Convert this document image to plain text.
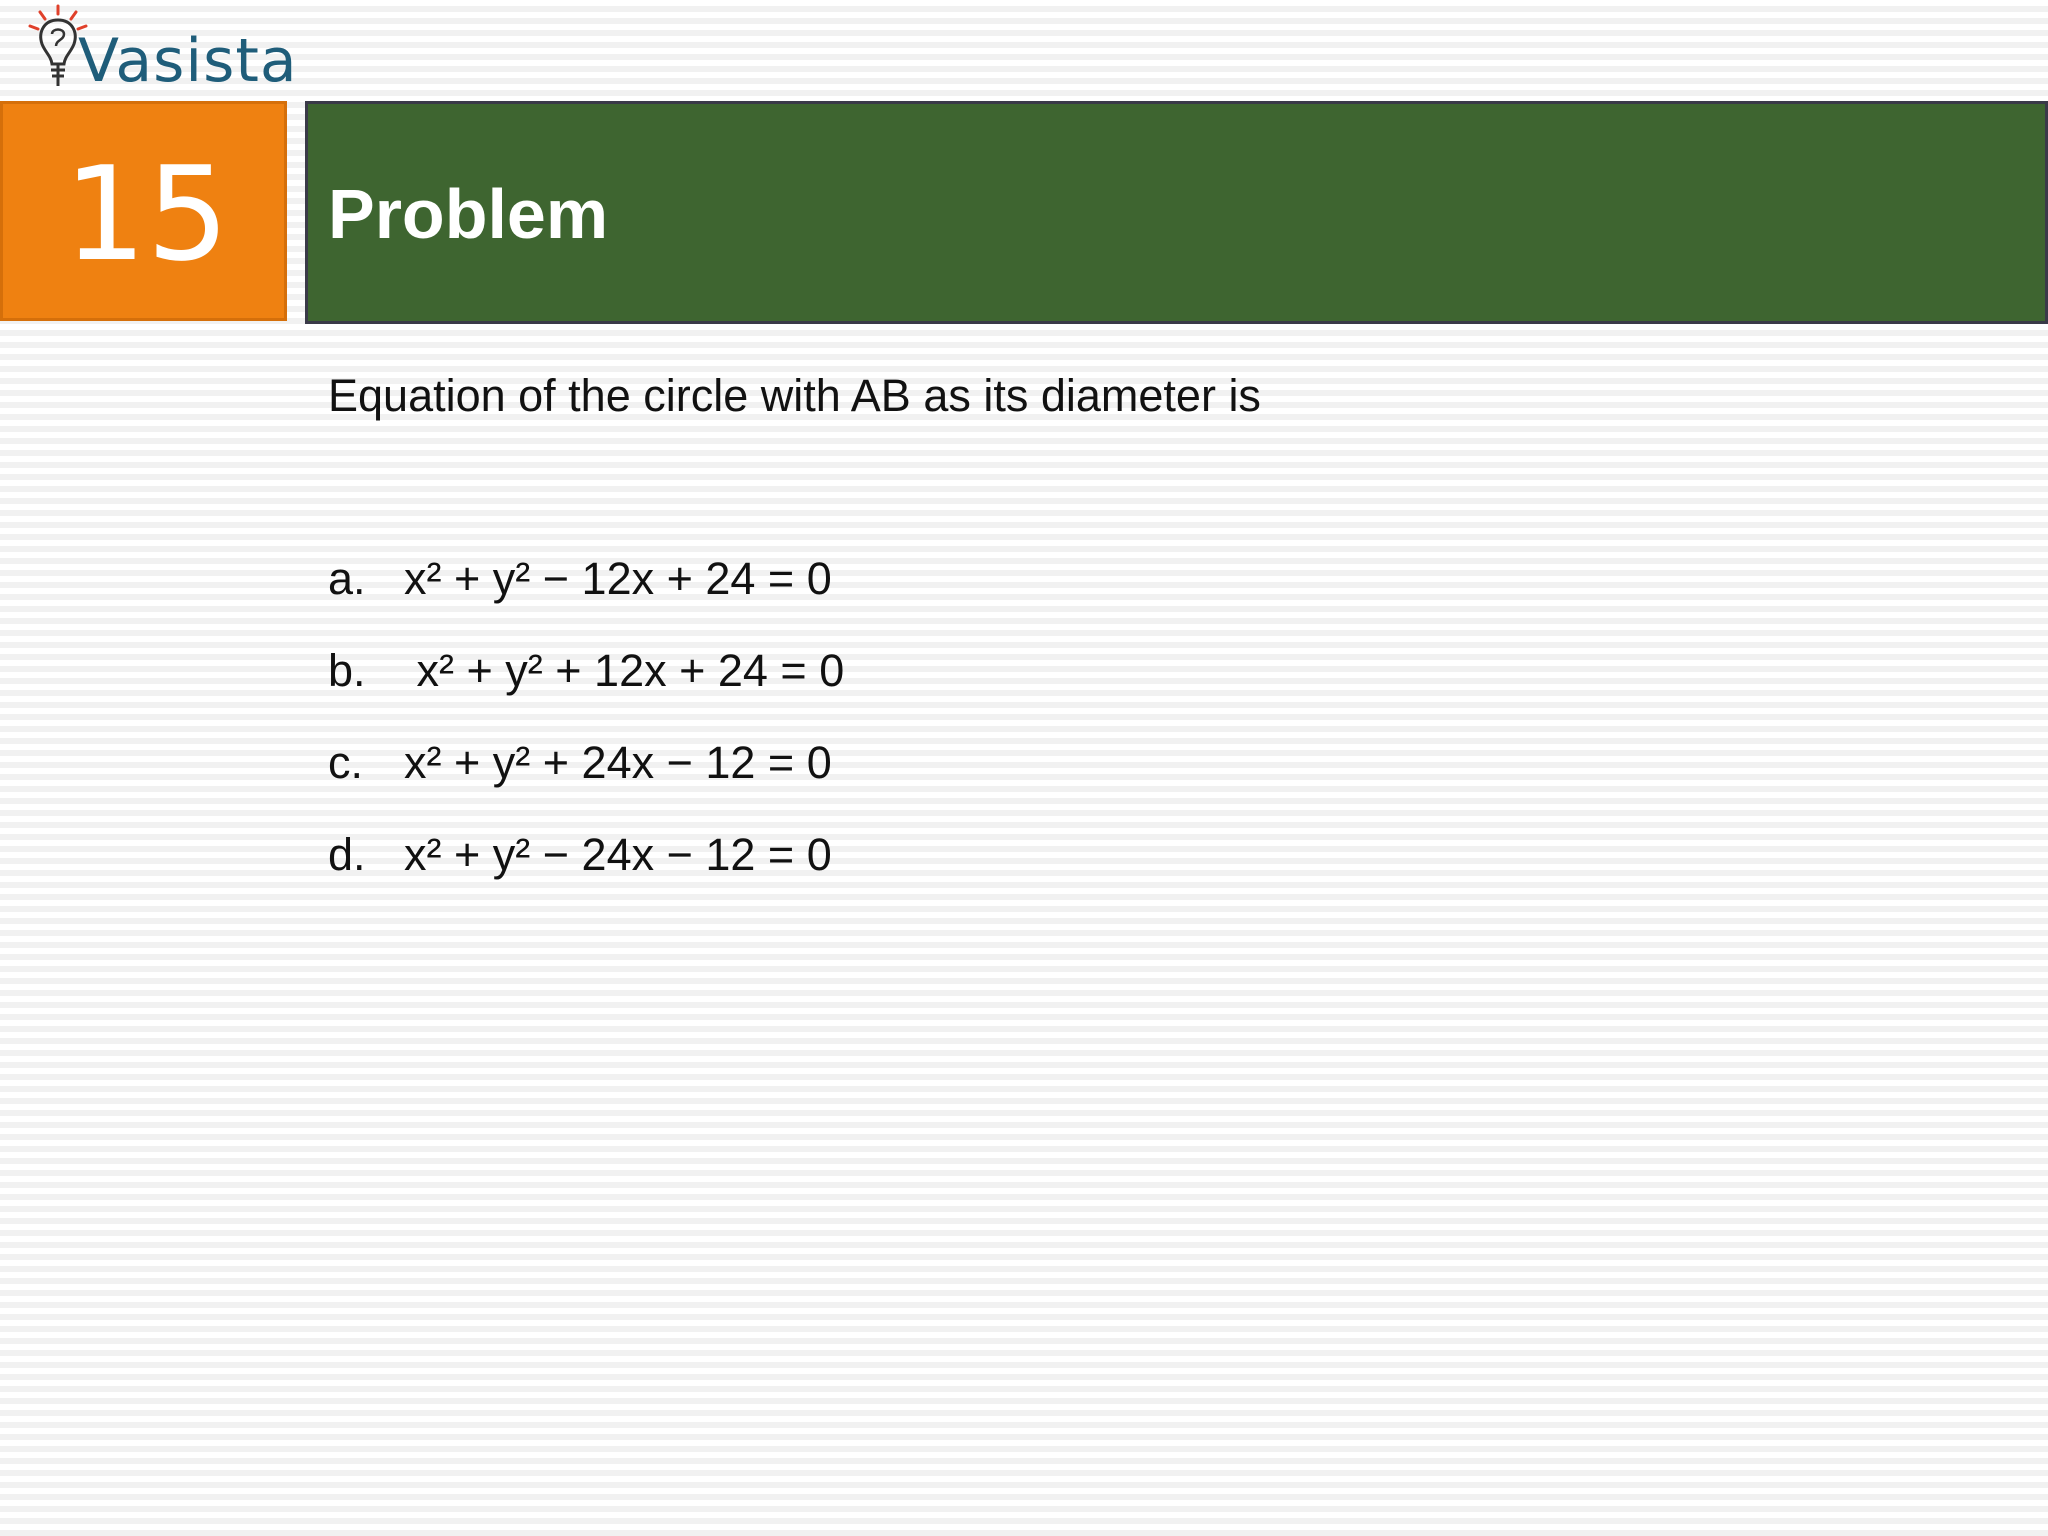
Vasista
15	Problem
Equation of the circle with AB as its diameter is
a. x² + y² − 12x + 24 = 0
b. x² + y² + 12x + 24 = 0
c. x² + y² + 24x − 12 = 0
d. x² + y² − 24x − 12 = 0
